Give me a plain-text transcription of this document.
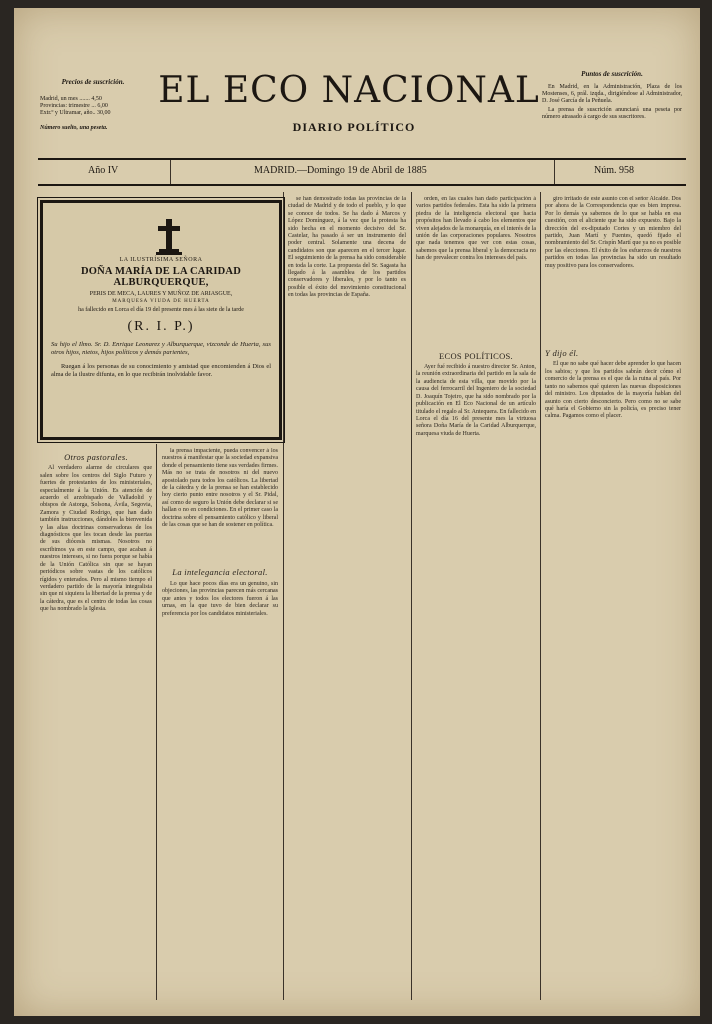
Precios de suscrición.
Madrid, un mes ....... 4,50
Provincias: trimestre ... 6,00
Extr.º y Ultramar, año.. 30,00
Número suelto, una peseta.
EL ECO NACIONAL
DIARIO POLÍTICO
Puntos de suscrición.
En Madrid, en la Administración, Plaza de los Mostenses, 6, prál. izqda., dirigiéndose al Administrador, D. José García de la Peñuela.
La prensa de suscrición anunciará una peseta por número atrasado á cargo de sus suscritores.
Año IV	MADRID.—Domingo 19 de Abril de 1885	Núm. 958
LA ILUSTRÍSIMA SEÑORA
DOÑA MARÍA DE LA CARIDAD ALBURQUERQUE,
PERIS DE MECA, LAURES Y MUÑOZ DE ARIASGUE,
MARQUESA VIUDA DE HUERTA
ha fallecido en Lorca el día 19 del presente mes á las siete de la tarde
(R. I. P.)
Su hijo el Ilmo. Sr. D. Enrique Leonarez y Alburquerque, vizconde de Huerta, sus otros hijos, nietos, hijos políticos y demás parientes,
Ruegan á los personas de su conocimiento y amistad que encomienden á Dios el alma de la ilustre difunta, en lo que recibirán inolvidable favor.
Otros pastorales.

Al verdadero alarme de circulares que salen sobre los centros del Siglo Futuro y fuertes de protestantes de los ministeriales, especialmente á la Unión. Es atención de acuerdo el arzobispado de Valladolid y obispos de Astorga, Solsona, Ávila, Segovia, Zamora y Ciudad Rodrigo, que han dado también instrucciones, dándoles la bienvenida y las altas doctrinas conservadoras de los diagnósticos que les tocan desde las puertas de sus diócesis mismas. Nosotros no escribimos ya en este campo, que acaban á nuestros intereses, si no fuera porque se había de la Unión Católica sin que se hayan periódicos sobre vastas de los católicos rígidos y enterados. Pero al mismo tiempo el verdadero partido de la mayoría integralista sin que ni siquiera la libertad de la prensa y de la cátedra, que es el centro de todas las cosas que ha nombrado la Iglesia.

la prensa impaciente, pueda convencer á los nuestros á manifestar que la sociedad expansiva donde el pensamiento tiene sus verdades firmes. Más no se trata de nosotros ni del nuevo apostolado para todos los católicos. La libertad de la cátedra y de la prensa se han establecido hoy cierto punto entre nosotros y el Sr. Pidal, así como de seguro la Unión debe declarar si se hallan o no en condiciones. En el primer caso la doctrina sobre el pensamiento católico y liberal de las cosas que se han de sostener en política.

La intelegancia electoral.

Lo que hace pocos días era un genuino, sin objeciones, las provincias parecen más cercanas que antes y todos los electores fueron á las urnas, en la que tuvo de bien declarar su preferencia por los candidatos ministeriales.

se han demostrado todas las provincias de la ciudad de Madrid y de todo el pueblo, y lo que se conoce de todos. Se ha dado á Marcos y López Domínguez, á la vez que la protesta ha sido hecha en el momento decisivo del Sr. Castelar, ha pasado á ser un instrumento del poder central. Solamente una decena de candidatos son que aparecen en el tercer lugar. El seguimiento de la prensa ha sido considerable en toda la corte. La propuesta del Sr. Sagasta ha llegado á la asamblea de los partidos conservadores y liberales, y por lo tanto es posible el éxito del movimiento constitucional en todas las provincias de España.

orden, en las cuales han dado participación á varios partidos federales. Esta ha sido la primera piedra de la inteligencia electoral que hacia propósitos han llevado á cabo los elementos que viven alejados de la monarquía, en el interés de la unión de las corporaciones populares. Nosotros que nada tenemos que ver con estas cosas, sabemos que la prensa liberal y la democracia no han de prevalecer contra los intereses del país.

ECOS POLÍTICOS.

Ayer fué recibido á nuestro director Sr. Anton, la reunión extraordinaria del partido en la sala de la audiencia de esta villa, que movido por la causa del ferrocarril del Ingeniero de la sociedad D. Joaquín Tojeiro, que ha sido nombrado por la publicación en El Eco Nacional de un artículo titulado el regalo al Sr. Antequera. En fallecido en Lorca el día 16 del presente mes la virtuosa señora Doña María de la Caridad Alburquerque, marquesa viuda de Huerta.

giro irritado de este asunto con el señor Alcalde. Dos por ahora de la Correspondencia que es bien impresa. Por lo demás ya sabemos de lo que se habla en esa cuestión, con el aliciente que ha sido expuesto. Bajo la dirección del ex-diputado Cortes y un miembro del partido, Juan Martí y Fuentes, quedó fijado el nombramiento del Sr. Crispín Martí que ya no es posible por las elecciones. El éxito de los esfuerzos de nuestros partidos en todas las provincias ha sido un resultado muy positivo para los conservadores.

Y dijo él.

El que no sabe qué hacer debe aprender lo que hacen los sabios; y que los partidos sabrán decir cómo el comercio de la prensa es el que da la ruina al país. Por tanto no sabemos qué quieren las nuevas disposiciones del ministro. Los diputados de la mayoría hablan del asunto con cierto desconcierto. Pero como no se sabe qué haría el Gobierno sin la policía, es preciso tener calma. Pagamos como el placer.
